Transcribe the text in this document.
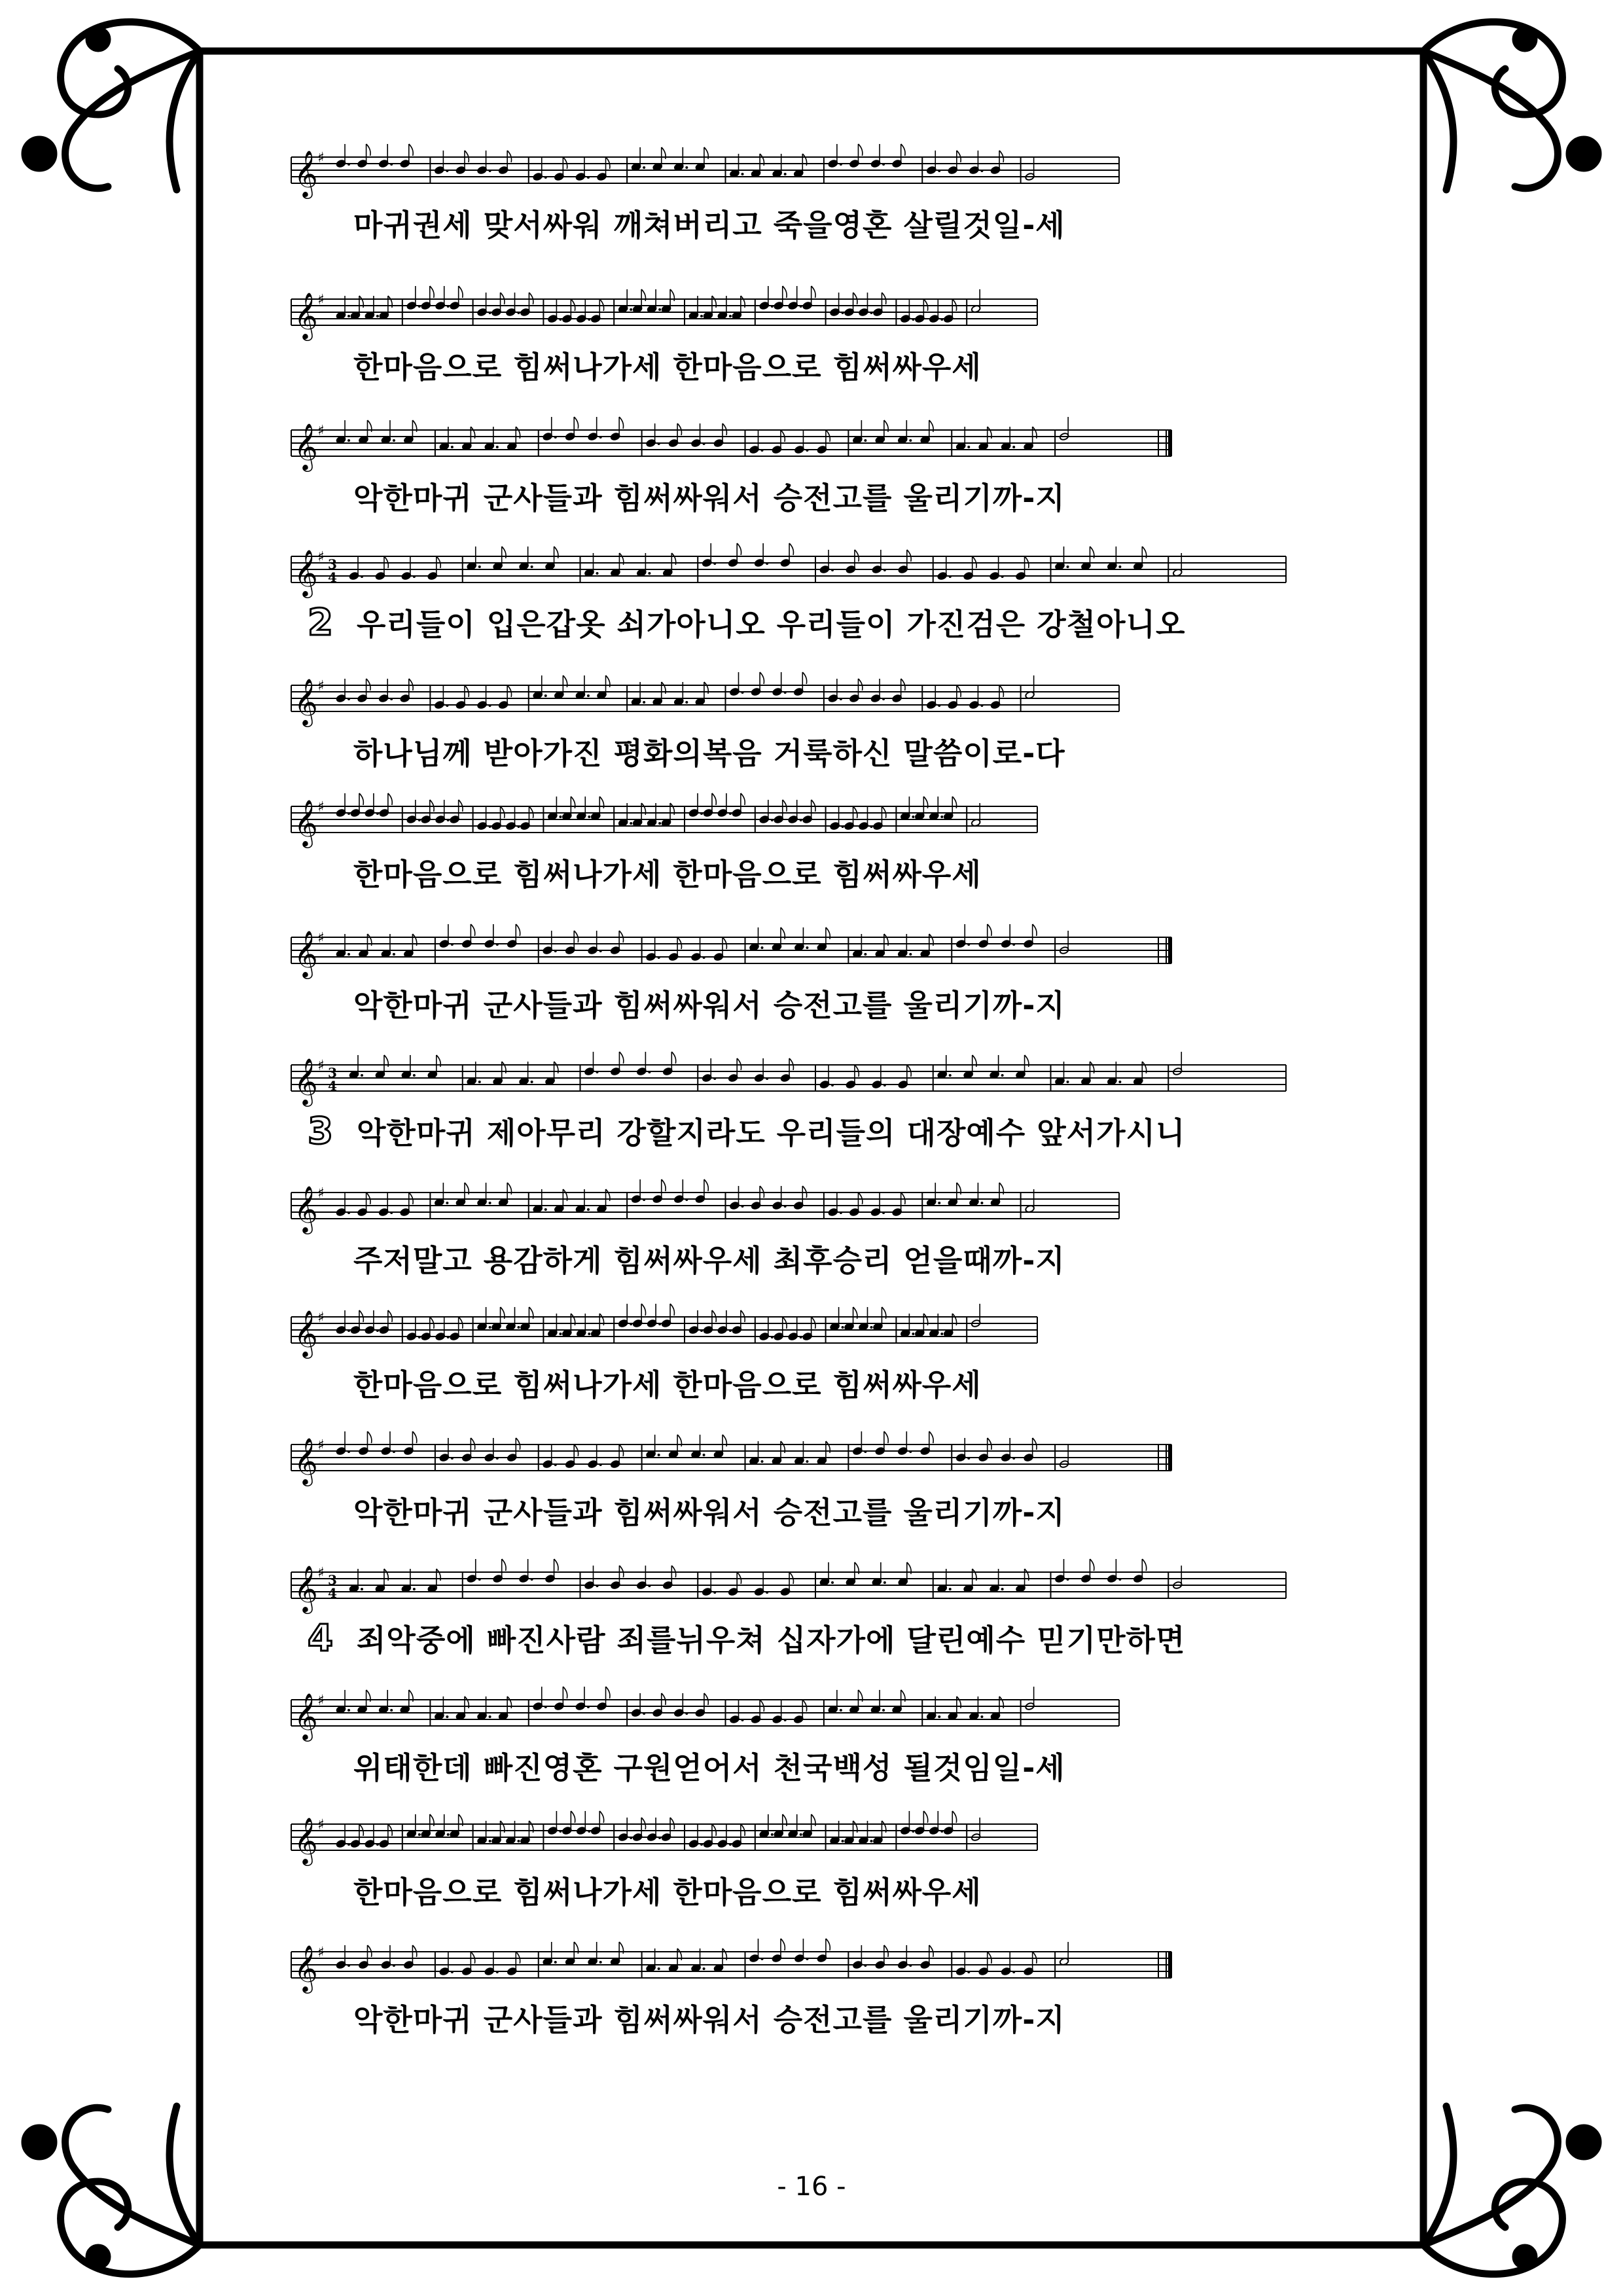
𝄞 ♯
마귀권세 맞서싸워 깨쳐버리고 죽을영혼 살릴것일-세
𝄞 ♯
한마음으로 힘써나가세 한마음으로 힘써싸우세
𝄞 ♯
악한마귀 군사들과 힘써싸워서 승전고를 울리기까-지
𝄞 ♯ 3
4
2 우리들이 입은갑옷 쇠가아니오 우리들이 가진검은 강철아니오
𝄞 ♯
하나님께 받아가진 평화의복음 거룩하신 말씀이로-다
𝄞 ♯
한마음으로 힘써나가세 한마음으로 힘써싸우세
𝄞 ♯
악한마귀 군사들과 힘써싸워서 승전고를 울리기까-지
𝄞 ♯ 3
4
3 악한마귀 제아무리 강할지라도 우리들의 대장예수 앞서가시니
𝄞 ♯
주저말고 용감하게 힘써싸우세 최후승리 얻을때까-지
𝄞 ♯
한마음으로 힘써나가세 한마음으로 힘써싸우세
𝄞 ♯
악한마귀 군사들과 힘써싸워서 승전고를 울리기까-지
𝄞 ♯ 3
4
4 죄악중에 빠진사람 죄를뉘우쳐 십자가에 달린예수 믿기만하면
𝄞 ♯
위태한데 빠진영혼 구원얻어서 천국백성 될것임일-세
𝄞 ♯
한마음으로 힘써나가세 한마음으로 힘써싸우세
𝄞 ♯
악한마귀 군사들과 힘써싸워서 승전고를 울리기까-지
- 16 -
